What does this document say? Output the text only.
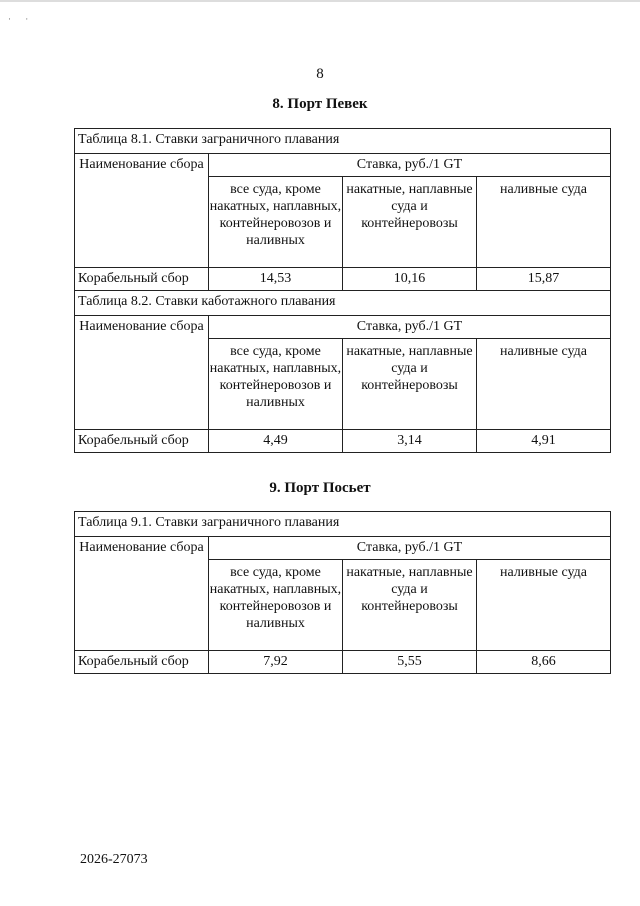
· ·
8
8. Порт Певек
Таблица 8.1. Ставки заграничного плавания			
Наименование сбора	Ставка, руб./1 GT		
	все суда, кроме накатных, наплавных, контейнеровозов и наливных	накатные, наплавные суда и контейнеровозы	наливные суда
Корабельный сбор	14,53	10,16	15,87
Таблица 8.2. Ставки каботажного плавания			
Наименование сбора	Ставка, руб./1 GT		
	все суда, кроме накатных, наплавных, контейнеровозов и наливных	накатные, наплавные суда и контейнеровозы	наливные суда
Корабельный сбор	4,49	3,14	4,91
9. Порт Посьет
Таблица 9.1. Ставки заграничного плавания			
Наименование сбора	Ставка, руб./1 GT		
	все суда, кроме накатных, наплавных, контейнеровозов и наливных	накатные, наплавные суда и контейнеровозы	наливные суда
Корабельный сбор	7,92	5,55	8,66
2026-27073
